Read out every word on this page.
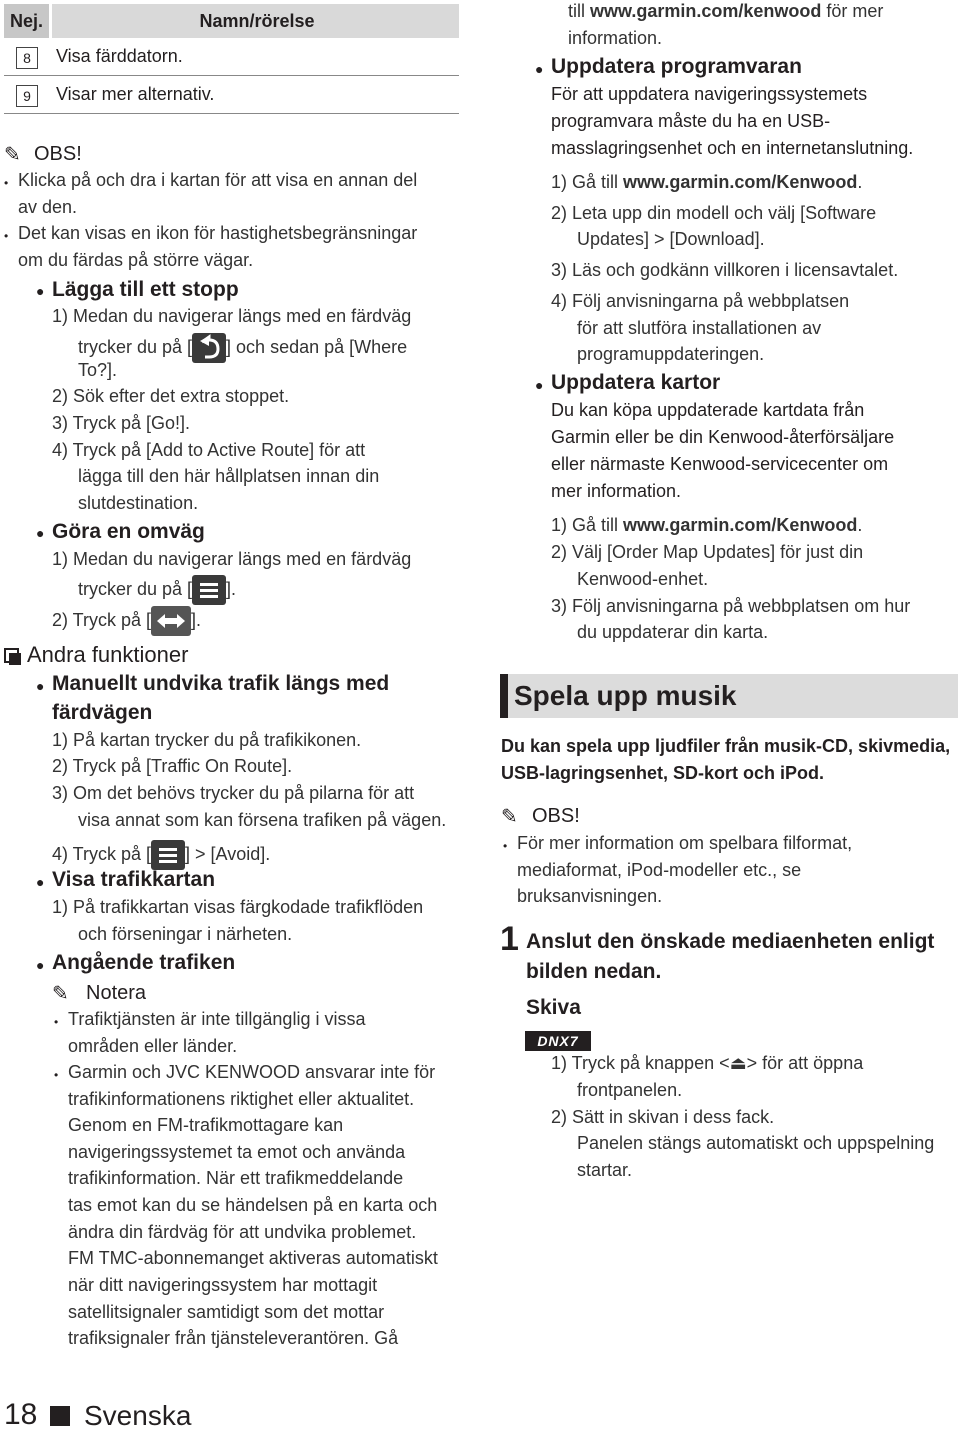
Nej.	Namn/rörelse
8	Visa färddatorn.
9	Visar mer alternativ.
✎ OBS!
• Klicka på och dra i kartan för att visa en annan del
av den.
• Det kan visas en ikon för hastighetsbegränsningar
om du färdas på större vägar.
● Lägga till ett stopp
1) Medan du navigerar längs med en färdväg
trycker du på [ ] och sedan på [Where
To?].
2) Sök efter det extra stoppet.
3) Tryck på [Go!].
4) Tryck på [Add to Active Route] för att
lägga till den här hållplatsen innan din
slutdestination.
● Göra en omväg
1) Medan du navigerar längs med en färdväg
trycker du på [ ].
2) Tryck på [ ].
Andra funktioner
● Manuellt undvika trafik längs med
färdvägen
1) På kartan trycker du på trafikikonen.
2) Tryck på [Traffic On Route].
3) Om det behövs trycker du på pilarna för att
visa annat som kan försena trafiken på vägen.
4) Tryck på [ ] > [Avoid].
● Visa trafikkartan
1) På trafikkartan visas färgkodade trafikflöden
och förseningar i närheten.
● Angående trafiken
✎ Notera
• Trafiktjänsten är inte tillgänglig i vissa
områden eller länder.
• Garmin och JVC KENWOOD ansvarar inte för
trafikinformationens riktighet eller aktualitet.
Genom en FM-trafikmottagare kan
navigeringssystemet ta emot och använda
trafikinformation. När ett trafikmeddelande
tas emot kan du se händelsen på en karta och
ändra din färdväg för att undvika problemet.
FM TMC-abonnemanget aktiveras automatiskt
när ditt navigeringssystem har mottagit
satellitsignaler samtidigt som det mottar
trafiksignaler från tjänsteleverantören. Gå
till www.garmin.com/kenwood för mer
information.
● Uppdatera programvaran
För att uppdatera navigeringssystemets
programvara måste du ha en USB-
masslagringsenhet och en internetanslutning.
1) Gå till www.garmin.com/Kenwood.
2) Leta upp din modell och välj [Software
Updates] > [Download].
3) Läs och godkänn villkoren i licensavtalet.
4) Följ anvisningarna på webbplatsen
för att slutföra installationen av
programuppdateringen.
● Uppdatera kartor
Du kan köpa uppdaterade kartdata från
Garmin eller be din Kenwood-återförsäljare
eller närmaste Kenwood-servicecenter om
mer information.
1) Gå till www.garmin.com/Kenwood.
2) Välj [Order Map Updates] för just din
Kenwood-enhet.
3) Följ anvisningarna på webbplatsen om hur
du uppdaterar din karta.
Spela upp musik
Du kan spela upp ljudfiler från musik-CD, skivmedia,
USB-lagringsenhet, SD-kort och iPod.
✎ OBS!
• För mer information om spelbara filformat,
mediaformat, iPod-modeller etc., se
bruksanvisningen.
1 Anslut den önskade mediaenheten enligt
bilden nedan.
Skiva
DNX7
1) Tryck på knappen <⏏> för att öppna
frontpanelen.
2) Sätt in skivan i dess fack.
Panelen stängs automatiskt och uppspelning
startar.
18 Svenska
